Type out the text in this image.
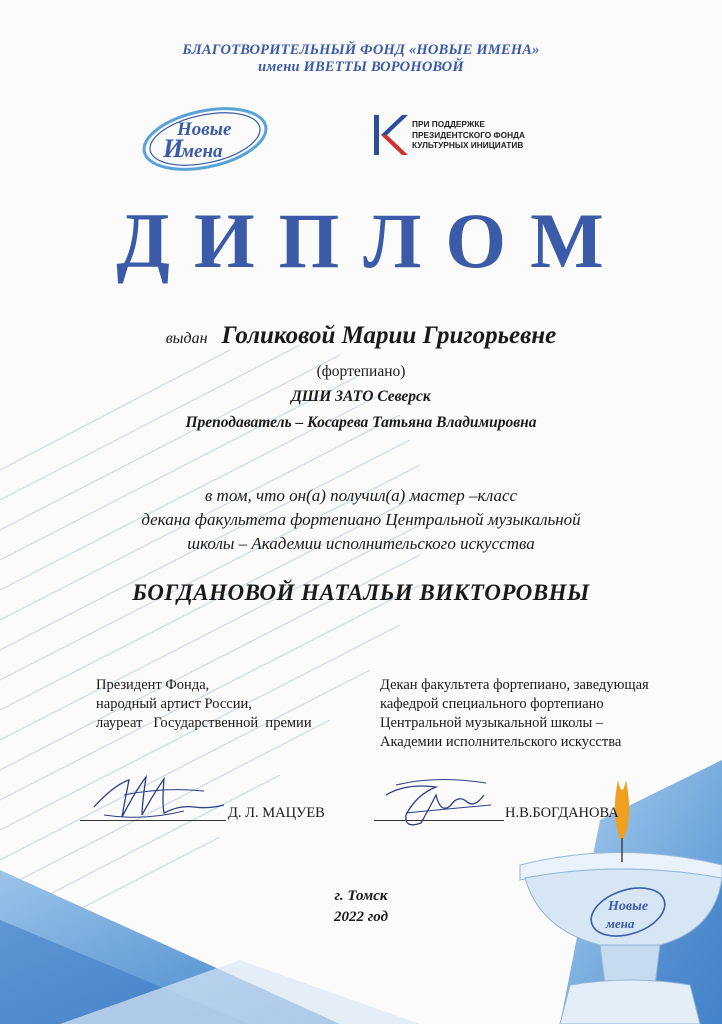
Новые
мена
БЛАГОТВОРИТЕЛЬНЫЙ ФОНД «НОВЫЕ ИМЕНА»
имени ИВЕТТЫ ВОРОНОВОЙ
Новые
мена
И
ПРИ ПОДДЕРЖКЕ
ПРЕЗИДЕНТСКОГО ФОНДА
КУЛЬТУРНЫХ ИНИЦИАТИВ
ДИПЛОМ
выдан Голиковой Марии Григорьевне
(фортепиано)
ДШИ ЗАТО Северск
Преподаватель – Косарева Татьяна Владимировна
в том, что он(а) получил(а) мастер –класс
декана факультета фортепиано Центральной музыкальной
школы – Академии исполнительского искусства
БОГДАНОВОЙ НАТАЛЬИ ВИКТОРОВНЫ
Президент Фонда,
народный артист России,
лауреат   Государственной  премии
Декан факультета фортепиано, заведующая
кафедрой специального фортепиано
Центральной музыкальной школы –
Академии исполнительского искусства
Д. Л. МАЦУЕВ	Н.В.БОГДАНОВА
г. Томск
2022 год
